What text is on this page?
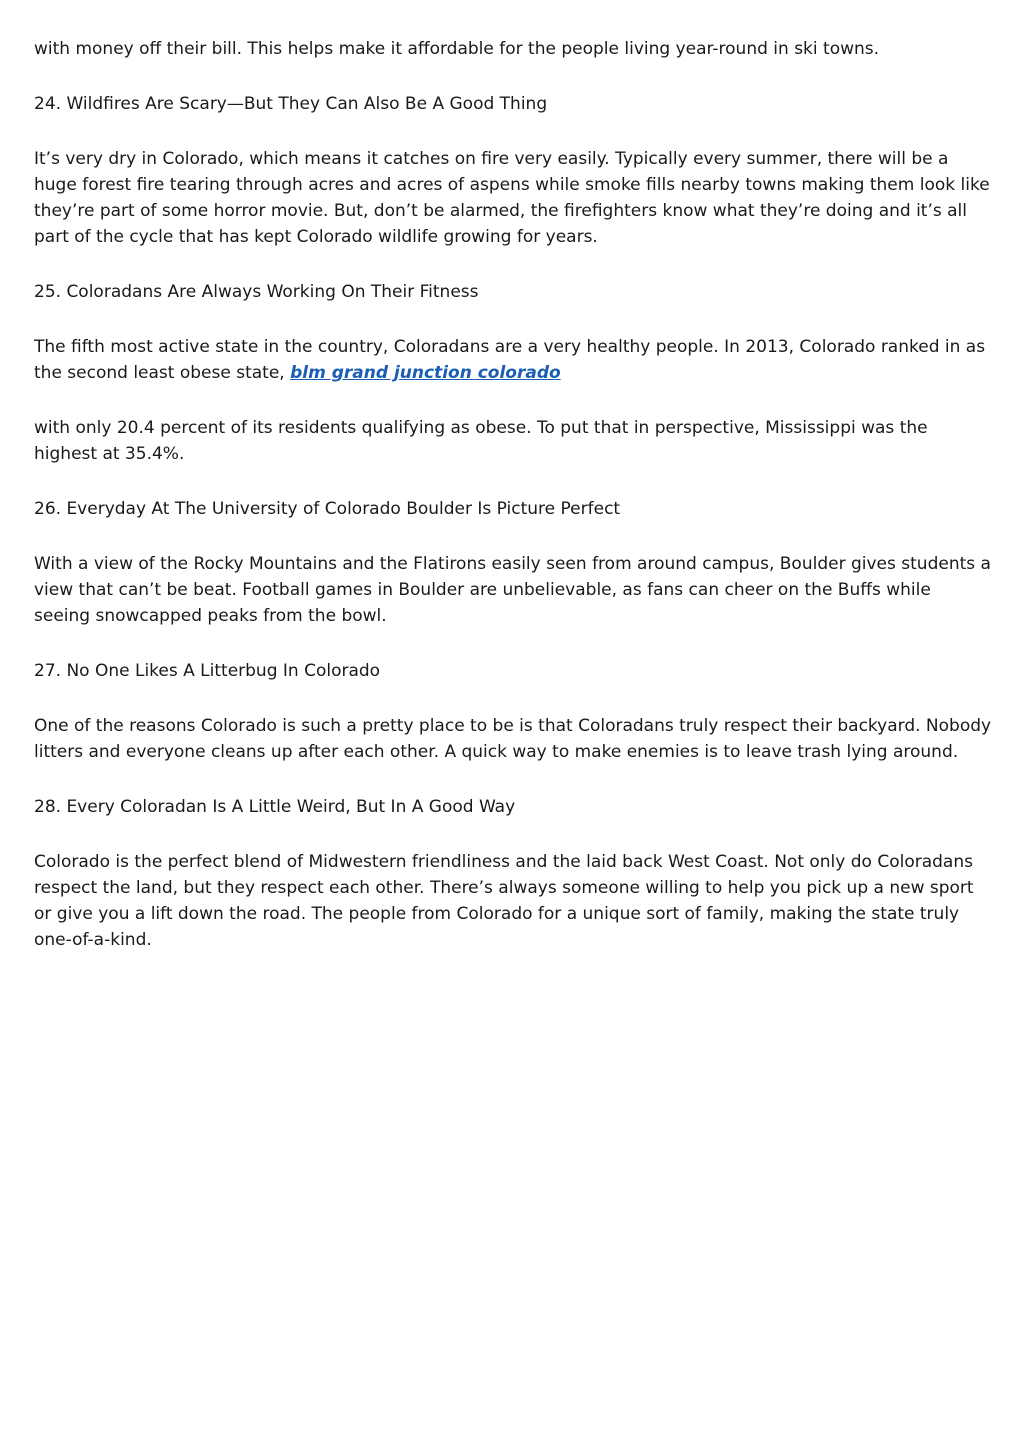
with money off their bill. This helps make it affordable for the people living year-round in ski towns.

24. Wildfires Are Scary—But They Can Also Be A Good Thing

It’s very dry in Colorado, which means it catches on fire very easily. Typically every summer, there will be a huge forest fire tearing through acres and acres of aspens while smoke fills nearby towns making them look like they’re part of some horror movie. But, don’t be alarmed, the firefighters know what they’re doing and it’s all part of the cycle that has kept Colorado wildlife growing for years.

25. Coloradans Are Always Working On Their Fitness

The fifth most active state in the country, Coloradans are a very healthy people. In 2013, Colorado ranked in as the second least obese state, blm grand junction colorado

with only 20.4 percent of its residents qualifying as obese. To put that in perspective, Mississippi was the highest at 35.4%.

26. Everyday At The University of Colorado Boulder Is Picture Perfect

With a view of the Rocky Mountains and the Flatirons easily seen from around campus, Boulder gives students a view that can’t be beat. Football games in Boulder are unbelievable, as fans can cheer on the Buffs while seeing snowcapped peaks from the bowl.

27. No One Likes A Litterbug In Colorado

One of the reasons Colorado is such a pretty place to be is that Coloradans truly respect their backyard. Nobody litters and everyone cleans up after each other. A quick way to make enemies is to leave trash lying around.

28. Every Coloradan Is A Little Weird, But In A Good Way

Colorado is the perfect blend of Midwestern friendliness and the laid back West Coast. Not only do Coloradans respect the land, but they respect each other. There’s always someone willing to help you pick up a new sport or give you a lift down the road. The people from Colorado for a unique sort of family, making the state truly one-of-a-kind.
